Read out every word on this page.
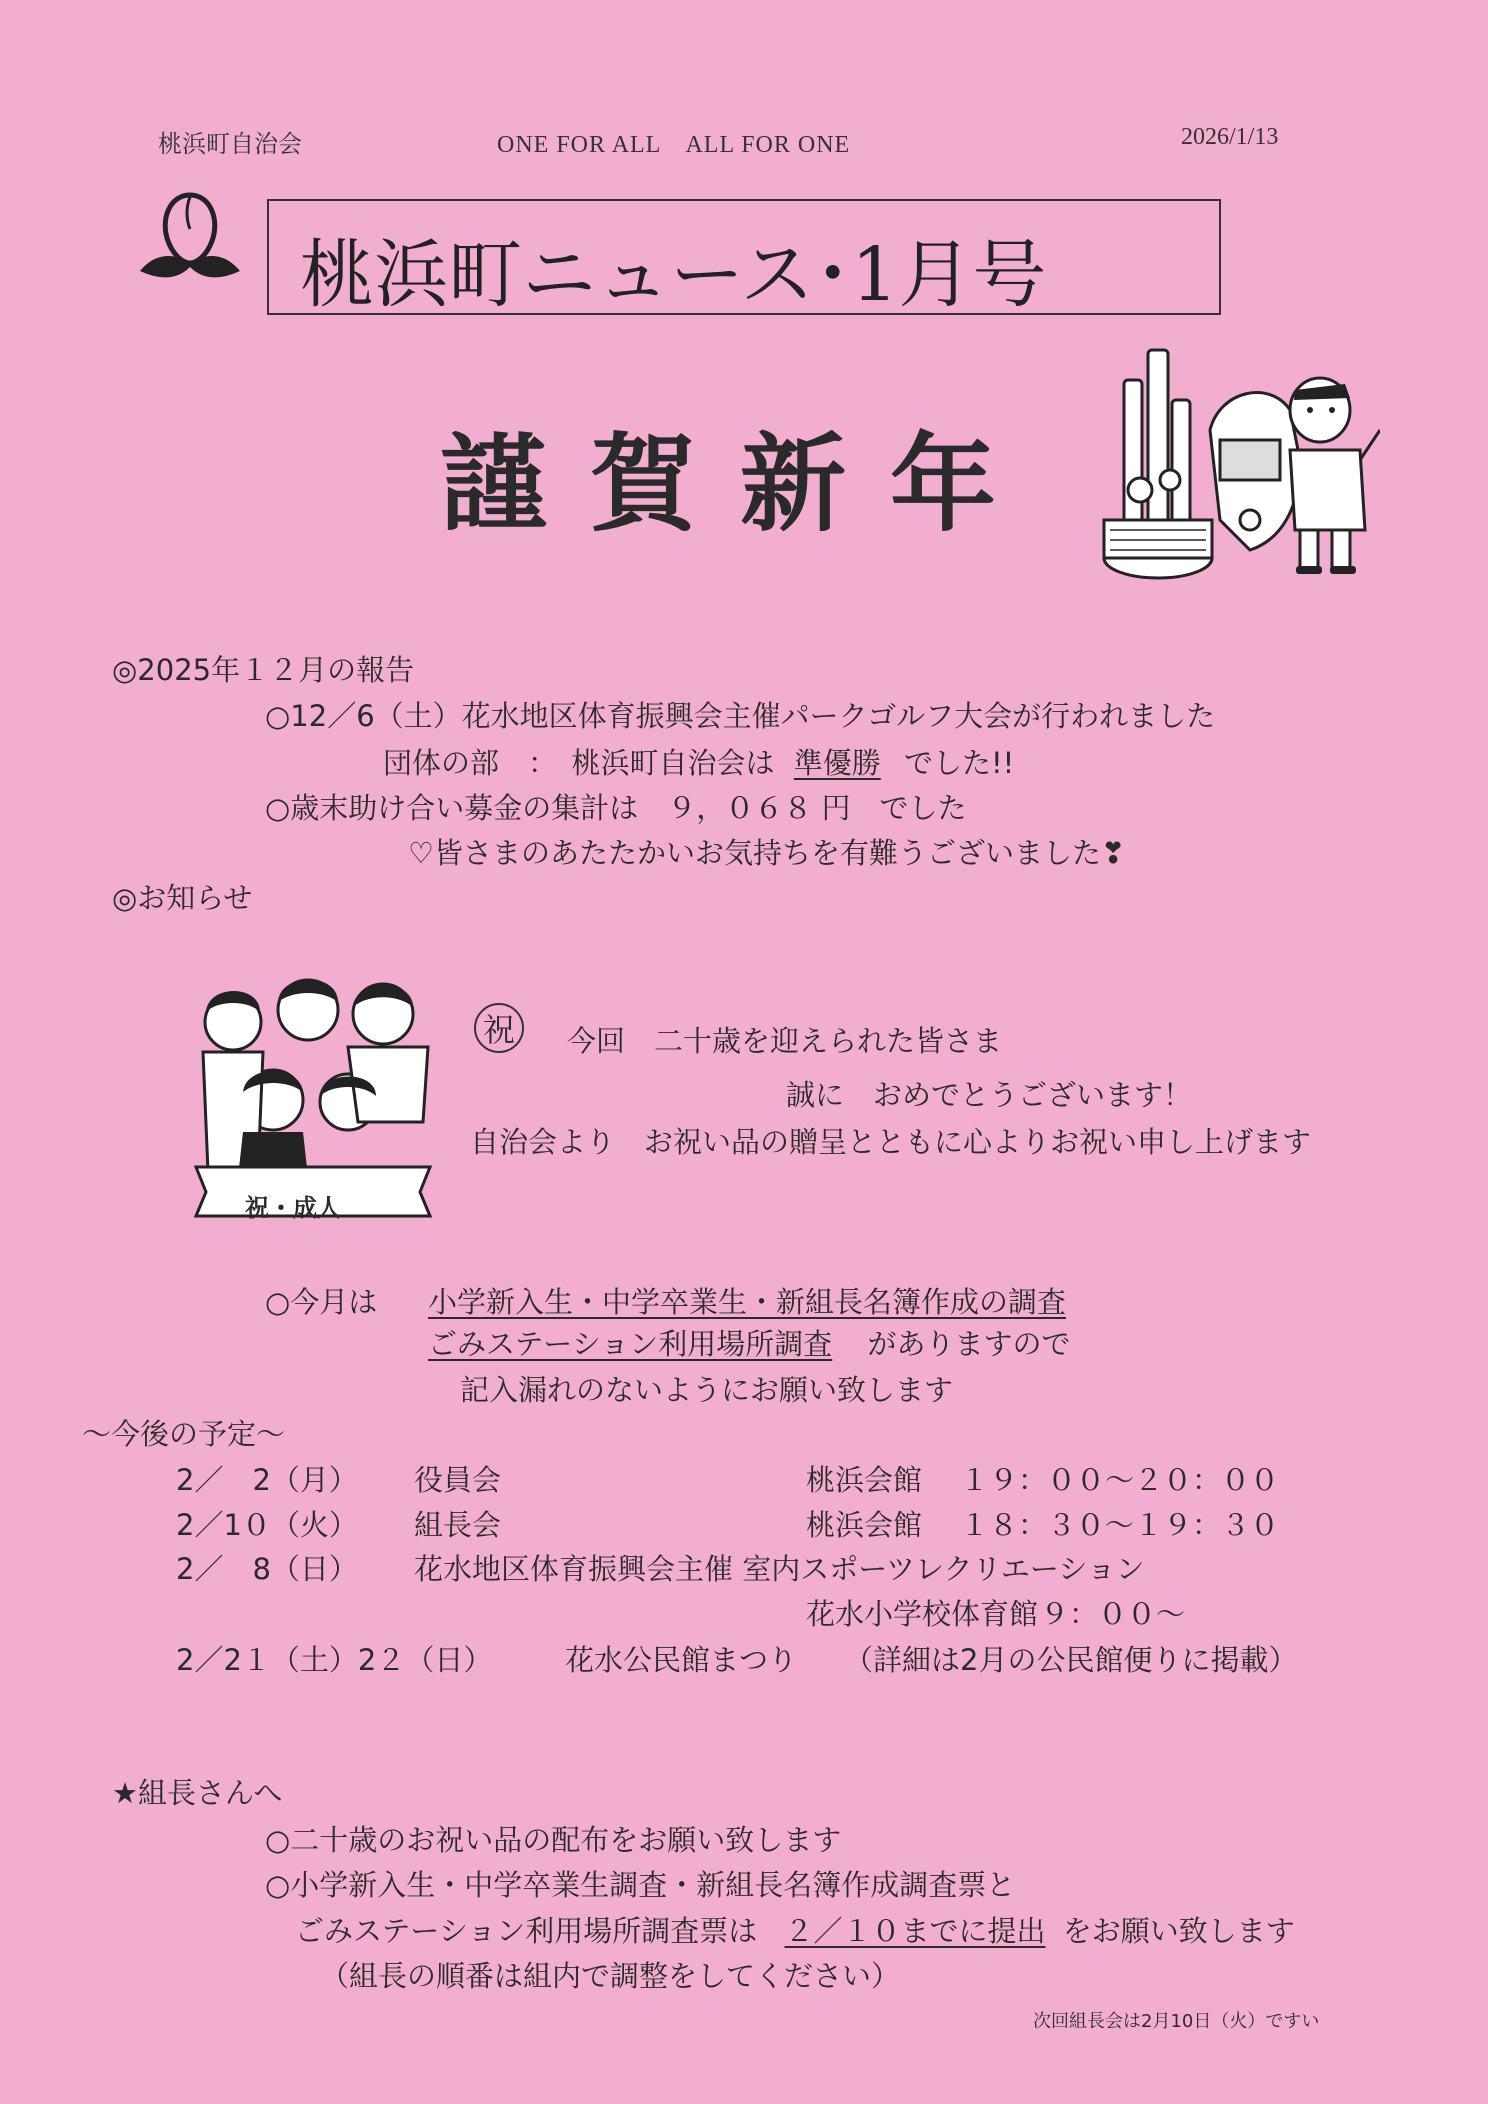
桃浜町自治会	ONE FOR ALL　ALL FOR ONE	2026/1/13
桃浜町ニュース･1月号
謹賀新年
◎2025年１２月の報告
○12／6（土）花水地区体育振興会主催パークゴルフ大会が行われました
団体の部　：　桃浜町自治会は 準優勝 でした!!
○歳末助け合い募金の集計は　９，０６８ 円　でした
♡皆さまのあたたかいお気持ちを有難うございました❣
◎お知らせ
祝・成人
祝	今回　二十歳を迎えられた皆さま
誠に　おめでとうございます！
自治会より　お祝い品の贈呈とともに心よりお祝い申し上げます
○今月は 小学新入生・中学卒業生・新組長名簿作成の調査
ごみステーション利用場所調査 がありますので
記入漏れのないようにお願い致します
～今後の予定～
2／　2（月） 役員会	桃浜会館 １９：００～２０：００
2／1０（火） 組長会	桃浜会館 １８：３０～１９：３０
2／　8（日） 花水地区体育振興会主催 室内スポーツレクリエーション
花水小学校体育館 ９：００～
2／2１（土）2２（日）	花水公民館まつり （詳細は2月の公民館便りに掲載）
★組長さんへ
○二十歳のお祝い品の配布をお願い致します
○小学新入生・中学卒業生調査・新組長名簿作成調査票と
ごみステーション利用場所調査票は ２／１０までに提出 をお願い致します
（組長の順番は組内で調整をしてください）
次回組長会は2月10日（火）ですい
